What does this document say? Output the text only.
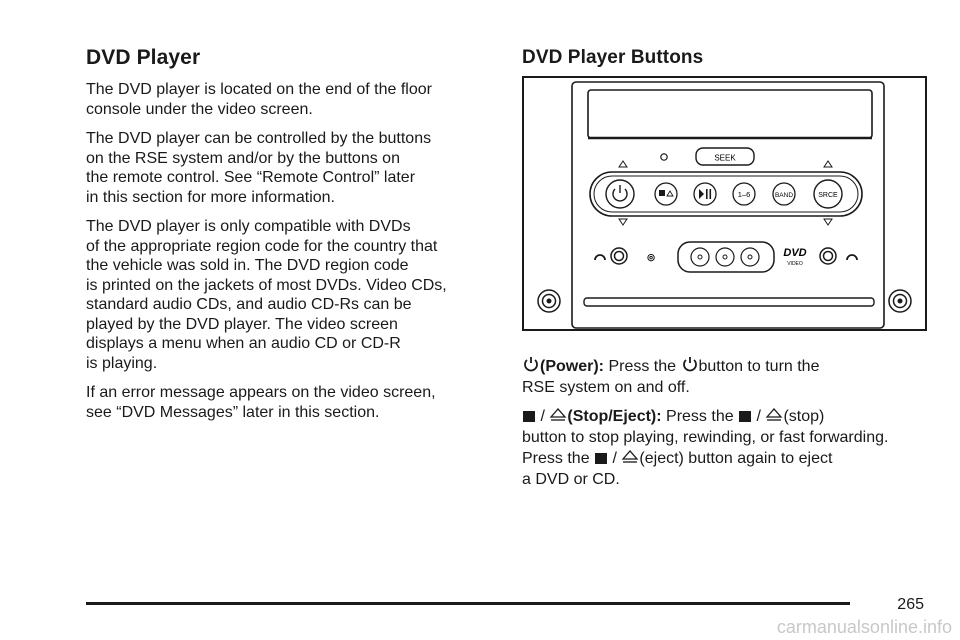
DVD Player

The DVD player is located on the end of the floor
console under the video screen.

The DVD player can be controlled by the buttons
on the RSE system and/or by the buttons on
the remote control. See “Remote Control” later
in this section for more information.

The DVD player is only compatible with DVDs
of the appropriate region code for the country that
the vehicle was sold in. The DVD region code
is printed on the jackets of most DVDs. Video CDs,
standard audio CDs, and audio CD-Rs can be
played by the DVD player. The video screen
displays a menu when an audio CD or CD-R
is playing.

If an error message appears on the video screen,
see “DVD Messages” later in this section.

DVD Player Buttons
SEEK
1–6	BAND	SRCE
◎	DVD
VIDEO

(Power): Press the button to turn the
RSE system on and off.

/ (Stop/Eject): Press the / (stop)
button to stop playing, rewinding, or fast forwarding.
Press the / (eject) button again to eject
a DVD or CD.

265
carmanualsonline.info
